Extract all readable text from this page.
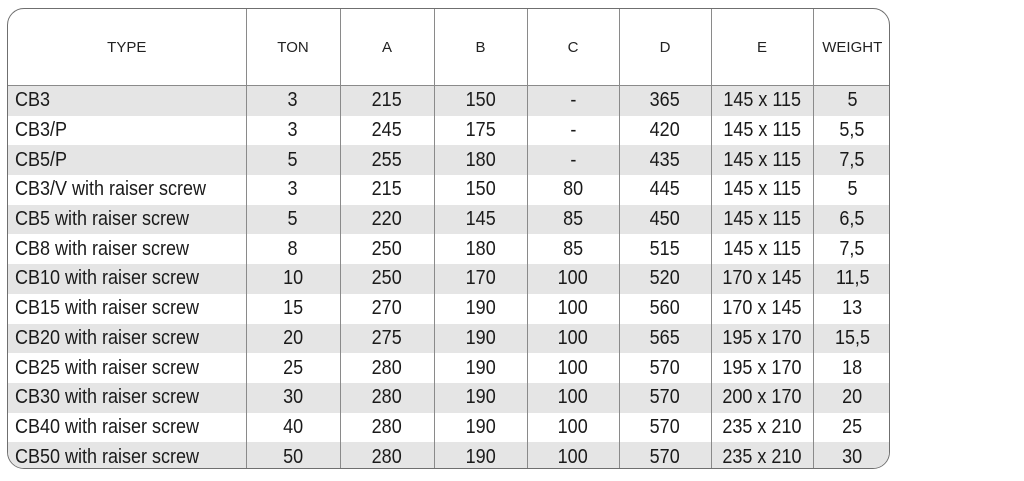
TYPE	TON	A	B	C	D	E	WEIGHT
CB3	3	215	150	-	365	145 x 115	5
CB3/P	3	245	175	-	420	145 x 115	5,5
CB5/P	5	255	180	-	435	145 x 115	7,5
CB3/V with raiser screw	3	215	150	80	445	145 x 115	5
CB5 with raiser screw	5	220	145	85	450	145 x 115	6,5
CB8 with raiser screw	8	250	180	85	515	145 x 115	7,5
CB10 with raiser screw	10	250	170	100	520	170 x 145	11,5
CB15 with raiser screw	15	270	190	100	560	170 x 145	13
CB20 with raiser screw	20	275	190	100	565	195 x 170	15,5
CB25 with raiser screw	25	280	190	100	570	195 x 170	18
CB30 with raiser screw	30	280	190	100	570	200 x 170	20
CB40 with raiser screw	40	280	190	100	570	235 x 210	25
CB50 with raiser screw	50	280	190	100	570	235 x 210	30
